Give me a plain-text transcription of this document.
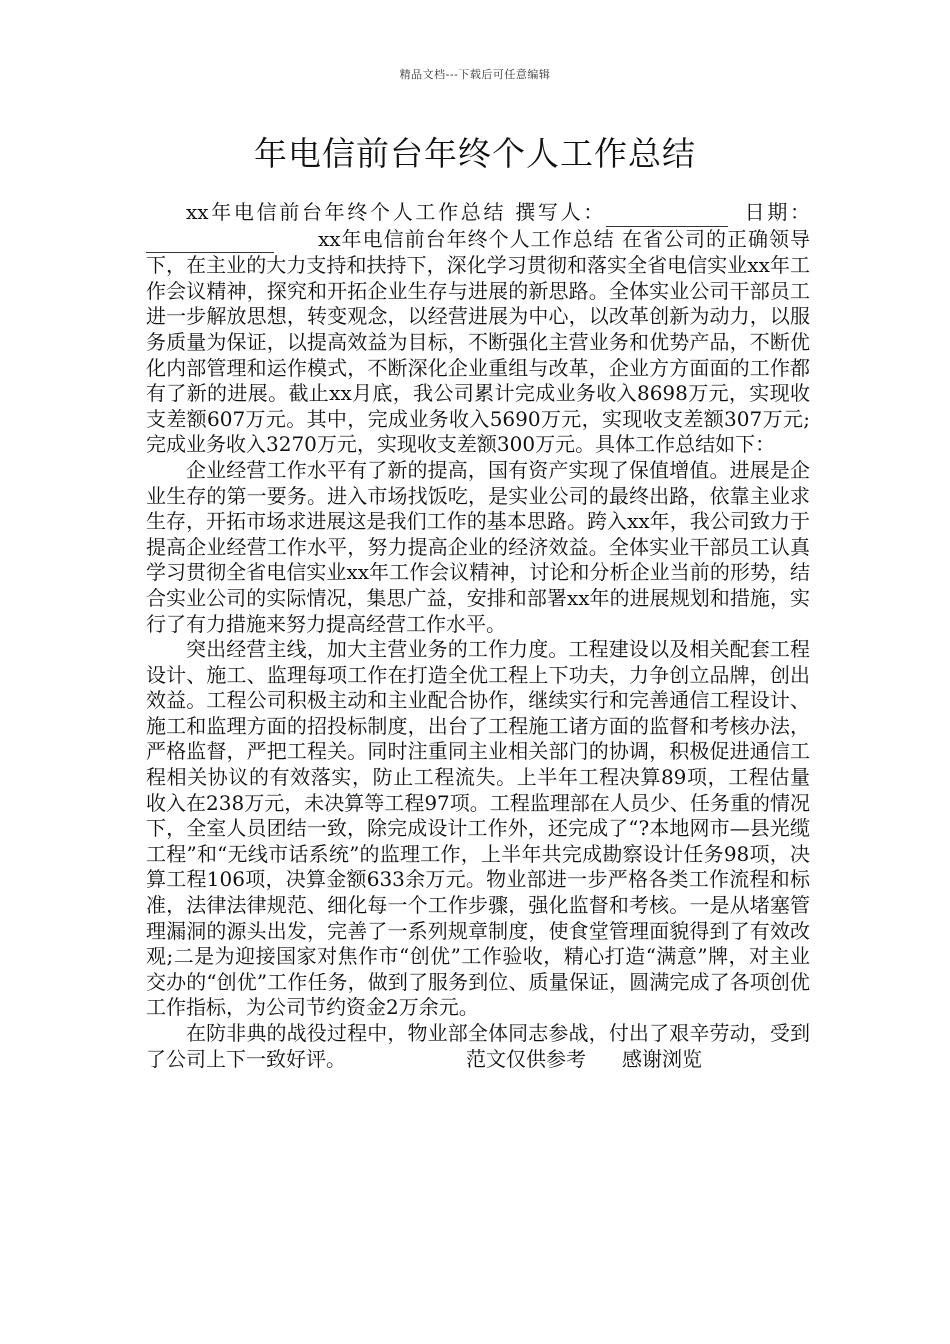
精品文档---下载后可任意编辑
年电信前台年终个人工作总结

xx年电信前台年终个人工作总结 撰写人：	日期： xx年电信前台年终个人工作总结 在省公司的正确领导下，在主业的大力支持和扶持下，深化学习贯彻和落实全省电信实业xx年工作会议精神，探究和开拓企业生存与进展的新思路。全体实业公司干部员工进一步解放思想，转变观念，以经营进展为中心，以改革创新为动力，以服务质量为保证，以提高效益为目标，不断强化主营业务和优势产品，不断优化内部管理和运作模式，不断深化企业重组与改革，企业方方面面的工作都有了新的进展。截止xx月底，我公司累计完成业务收入8698万元，实现收支差额607万元。其中，完成业务收入5690万元，实现收支差额307万元;完成业务收入3270万元，实现收支差额300万元。具体工作总结如下：

企业经营工作水平有了新的提高，国有资产实现了保值增值。进展是企业生存的第一要务。进入市场找饭吃，是实业公司的最终出路，依靠主业求生存，开拓市场求进展这是我们工作的基本思路。跨入xx年，我公司致力于提高企业经营工作水平，努力提高企业的经济效益。全体实业干部员工认真学习贯彻全省电信实业xx年工作会议精神，讨论和分析企业当前的形势，结合实业公司的实际情况，集思广益，安排和部署xx年的进展规划和措施，实行了有力措施来努力提高经营工作水平。

突出经营主线，加大主营业务的工作力度。工程建设以及相关配套工程设计、施工、监理每项工作在打造全优工程上下功夫，力争创立品牌，创出效益。工程公司积极主动和主业配合协作，继续实行和完善通信工程设计、施工和监理方面的招投标制度，出台了工程施工诸方面的监督和考核办法，严格监督，严把工程关。同时注重同主业相关部门的协调，积极促进通信工程相关协议的有效落实，防止工程流失。上半年工程决算89项，工程估量收入在238万元，未决算等工程97项。工程监理部在人员少、任务重的情况下，全室人员团结一致，除完成设计工作外，还完成了“?本地网市—县光缆工程”和“无线市话系统”的监理工作，上半年共完成勘察设计任务98项，决算工程106项，决算金额633余万元。物业部进一步严格各类工作流程和标准，法律法律规范、细化每一个工作步骤，强化监督和考核。一是从堵塞管理漏洞的源头出发，完善了一系列规章制度，使食堂管理面貌得到了有效改观;二是为迎接国家对焦作市“创优”工作验收，精心打造“满意”牌，对主业交办的“创优”工作任务，做到了服务到位、质量保证，圆满完成了各项创优工作指标，为公司节约资金2万余元。

在防非典的战役过程中，物业部全体同志参战，付出了艰辛劳动，受到了公司上下一致好评。	范文仅供参考 感谢浏览
